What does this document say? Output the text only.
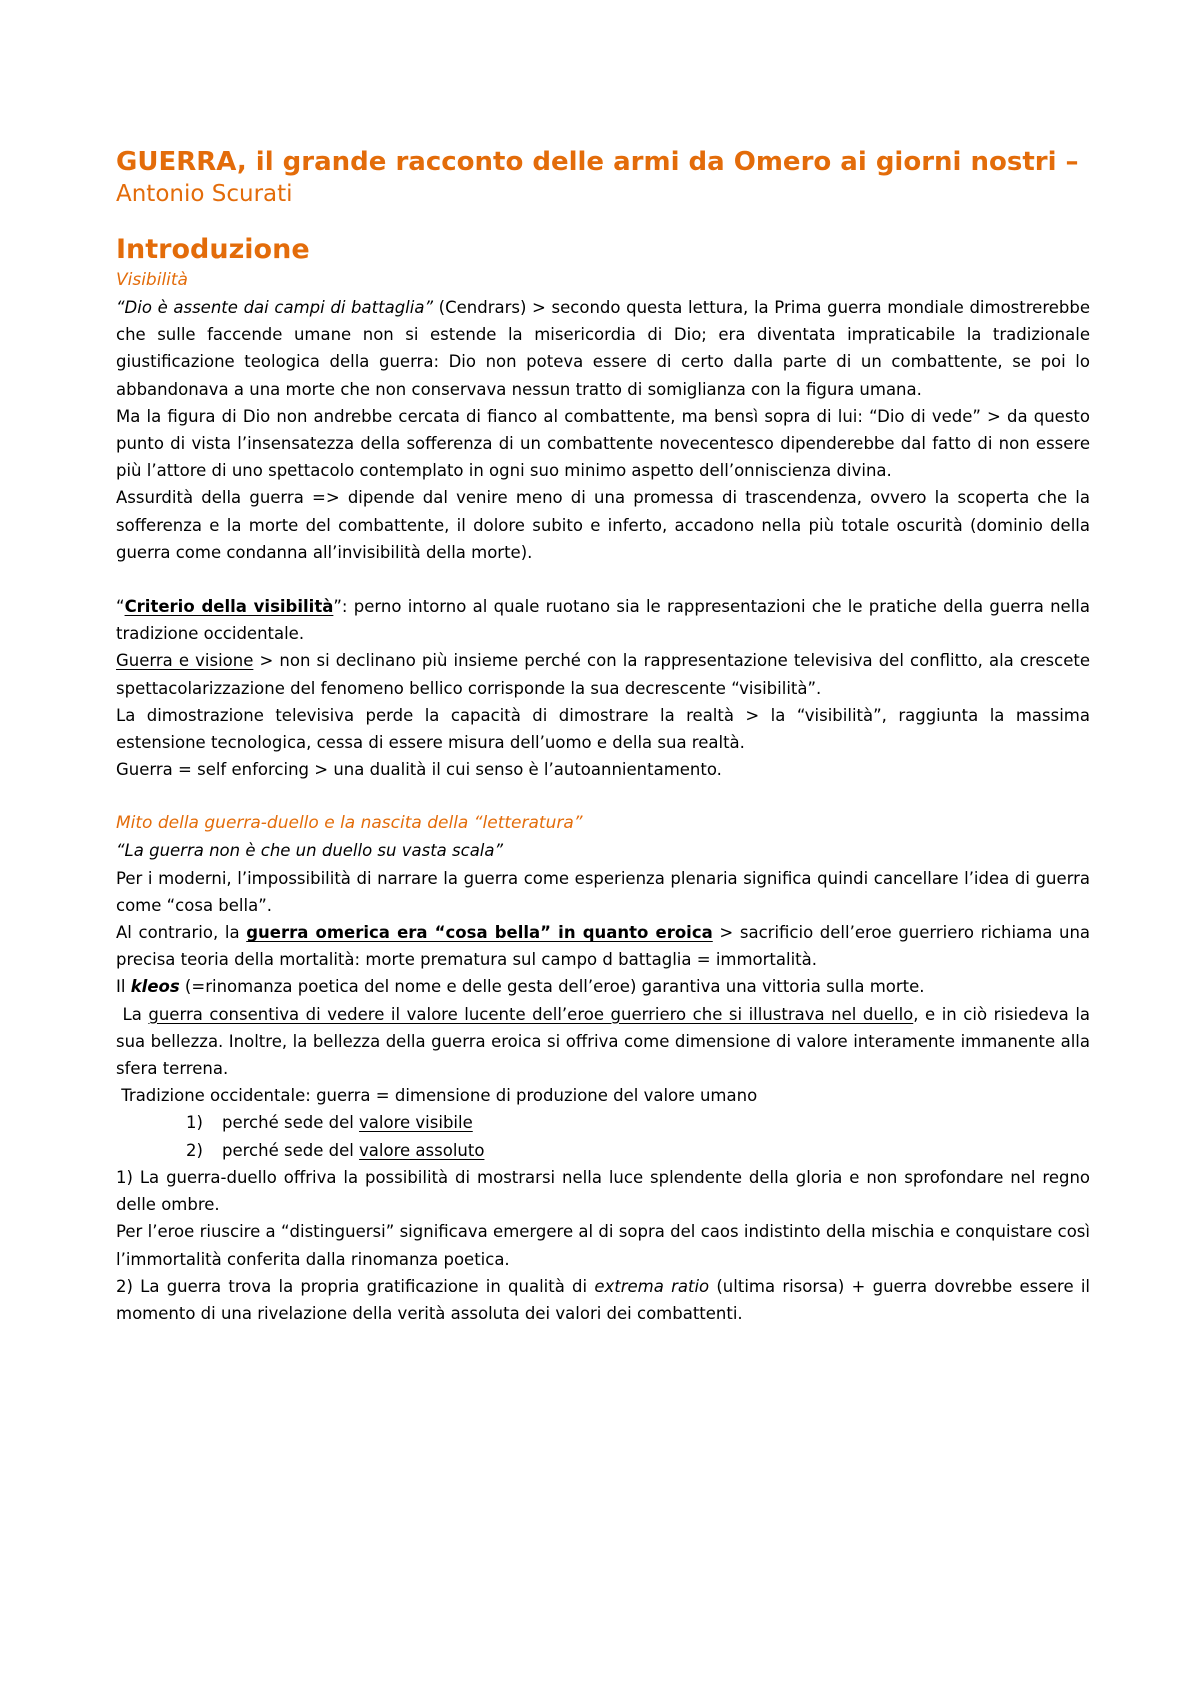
GUERRA, il grande racconto delle armi da Omero ai giorni nostri –
Antonio Scurati
Introduzione
Visibilità

“Dio è assente dai campi di battaglia” (Cendrars) > secondo questa lettura, la Prima guerra mondiale dimostrerebbe che sulle faccende umane non si estende la misericordia di Dio; era diventata impraticabile la tradizionale giustificazione teologica della guerra: Dio non poteva essere di certo dalla parte di un combattente, se poi lo abbandonava a una morte che non conservava nessun tratto di somiglianza con la figura umana.

Ma la figura di Dio non andrebbe cercata di fianco al combattente, ma bensì sopra di lui: “Dio di vede” > da questo punto di vista l’insensatezza della sofferenza di un combattente novecentesco dipenderebbe dal fatto di non essere più l’attore di uno spettacolo contemplato in ogni suo minimo aspetto dell’onniscienza divina.

Assurdità della guerra => dipende dal venire meno di una promessa di trascendenza, ovvero la scoperta che la sofferenza e la morte del combattente, il dolore subito e inferto, accadono nella più totale oscurità (dominio della guerra come condanna all’invisibilità della morte).

“Criterio della visibilità”: perno intorno al quale ruotano sia le rappresentazioni che le pratiche della guerra nella tradizione occidentale.

Guerra e visione > non si declinano più insieme perché con la rappresentazione televisiva del conflitto, ala crescete spettacolarizzazione del fenomeno bellico corrisponde la sua decrescente “visibilità”.

La dimostrazione televisiva perde la capacità di dimostrare la realtà > la “visibilità”, raggiunta la massima estensione tecnologica, cessa di essere misura dell’uomo e della sua realtà.

Guerra = self enforcing > una dualità il cui senso è l’autoannientamento.

Mito della guerra-duello e la nascita della “letteratura”

“La guerra non è che un duello su vasta scala”

Per i moderni, l’impossibilità di narrare la guerra come esperienza plenaria significa quindi cancellare l’idea di guerra come “cosa bella”.

Al contrario, la guerra omerica era “cosa bella” in quanto eroica > sacrificio dell’eroe guerriero richiama una precisa teoria della mortalità: morte prematura sul campo d battaglia = immortalità.

Il kleos (=rinomanza poetica del nome e delle gesta dell’eroe) garantiva una vittoria sulla morte.

La guerra consentiva di vedere il valore lucente dell’eroe guerriero che si illustrava nel duello, e in ciò risiedeva la sua bellezza. Inoltre, la bellezza della guerra eroica si offriva come dimensione di valore interamente immanente alla sfera terrena.

Tradizione occidentale: guerra = dimensione di produzione del valore umano

1) perché sede del valore visibile
2) perché sede del valore assoluto

1) La guerra-duello offriva la possibilità di mostrarsi nella luce splendente della gloria e non sprofondare nel regno delle ombre.

Per l’eroe riuscire a “distinguersi” significava emergere al di sopra del caos indistinto della mischia e conquistare così l’immortalità conferita dalla rinomanza poetica.

2) La guerra trova la propria gratificazione in qualità di extrema ratio (ultima risorsa) + guerra dovrebbe essere il momento di una rivelazione della verità assoluta dei valori dei combattenti.
